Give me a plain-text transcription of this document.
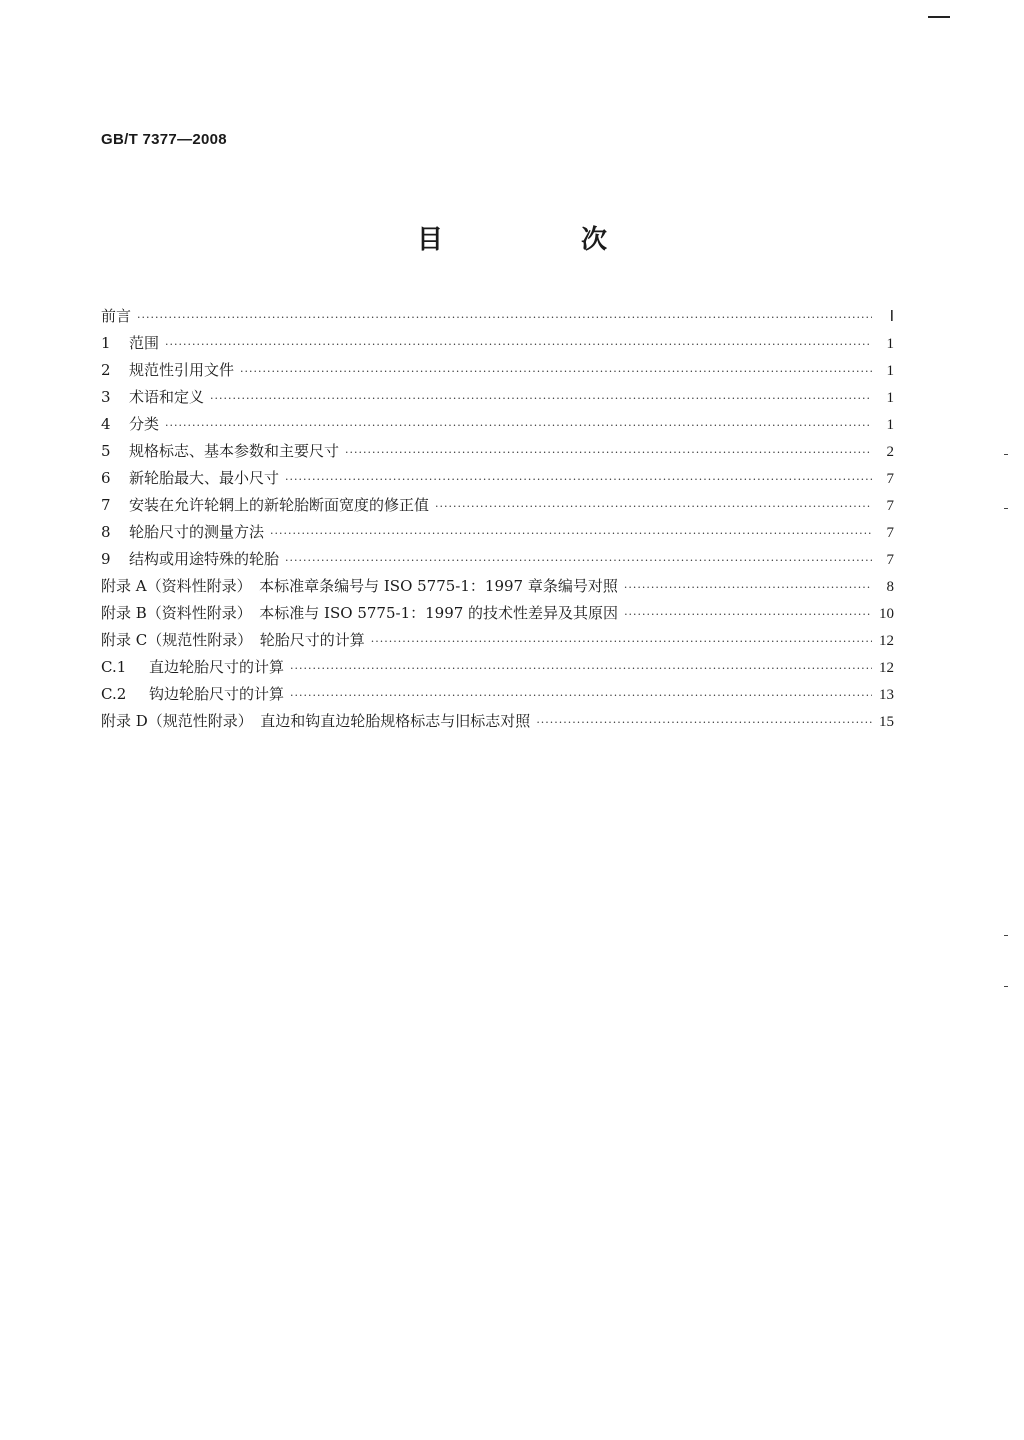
GB/T 7377—2008
目　次
前言 ·····	Ⅰ
1	范围 ·····	1
2	规范性引用文件 ·····	1
3	术语和定义 ·····	1
4	分类 ·····	1
5	规格标志、基本参数和主要尺寸 ·····	2
6	新轮胎最大、最小尺寸 ·····	7
7	安装在允许轮辋上的新轮胎断面宽度的修正值 ·····	7
8	轮胎尺寸的测量方法 ·····	7
9	结构或用途特殊的轮胎 ·····	7
附录 A（资料性附录）　本标准章条编号与 ISO 5775-1：1997 章条编号对照 ·····	8
附录 B（资料性附录）　本标准与 ISO 5775-1：1997 的技术性差异及其原因 ·····	10
附录 C（规范性附录）　轮胎尺寸的计算 ·····	12
C.1	直边轮胎尺寸的计算 ·····	12
C.2	钩边轮胎尺寸的计算 ·····	13
附录 D（规范性附录）　直边和钩直边轮胎规格标志与旧标志对照 ·····	15
